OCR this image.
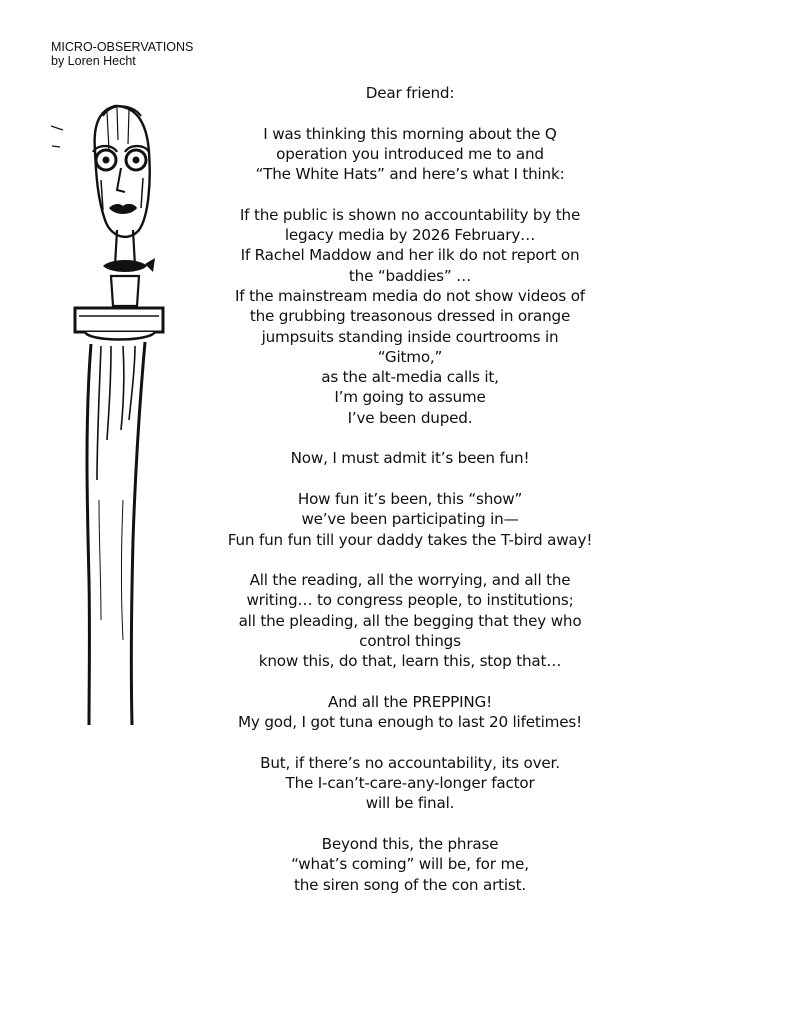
MICRO-OBSERVATIONS
by Loren Hecht
Dear friend:
I was thinking this morning about the Q
operation you introduced me to and
“The White Hats” and here’s what I think:
If the public is shown no accountability by the
legacy media by 2026 February…
If Rachel Maddow and her ilk do not report on
the “baddies” …
If the mainstream media do not show videos of
the grubbing treasonous dressed in orange
jumpsuits standing inside courtrooms in
“Gitmo,”
as the alt-media calls it,
I’m going to assume
I’ve been duped.
Now, I must admit it’s been fun!
How fun it’s been, this “show”
we’ve been participating in—
Fun fun fun till your daddy takes the T-bird away!
All the reading, all the worrying, and all the
writing… to congress people, to institutions;
all the pleading, all the begging that they who
control things
know this, do that, learn this, stop that…
And all the PREPPING!
My god, I got tuna enough to last 20 lifetimes!
But, if there’s no accountability, its over.
The I-can’t-care-any-longer factor
will be final.
Beyond this, the phrase
“what’s coming” will be, for me,
the siren song of the con artist.
